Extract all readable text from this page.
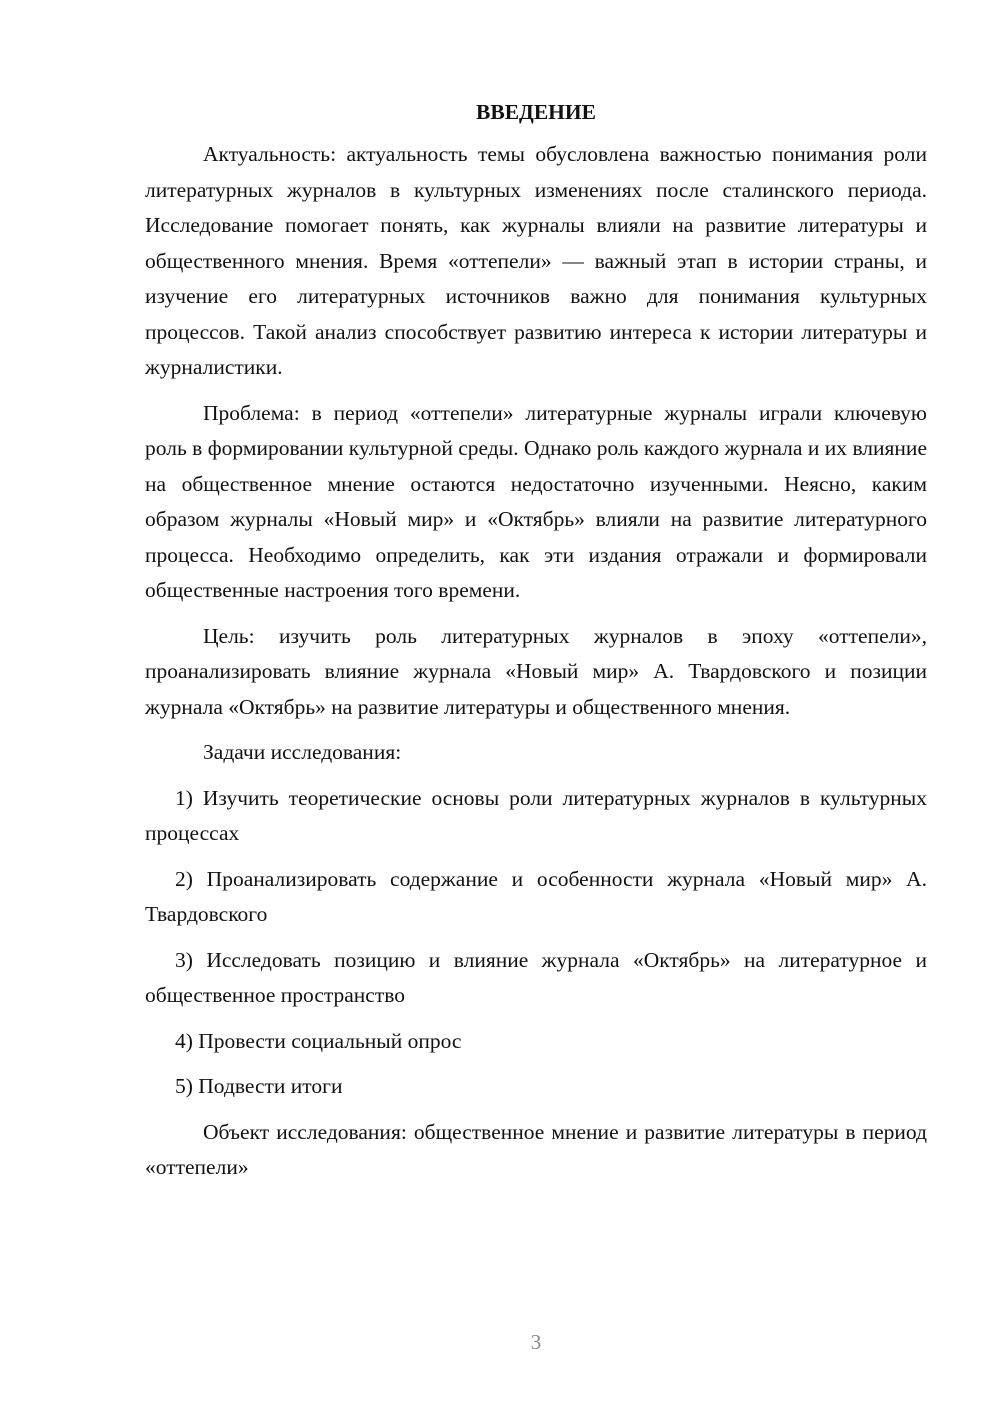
ВВЕДЕНИЕ

Актуальность: актуальность темы обусловлена важностью понимания роли литературных журналов в культурных изменениях после сталинского периода. Исследование помогает понять, как журналы влияли на развитие литературы и общественного мнения. Время «оттепели» — важный этап в истории страны, и изучение его литературных источников важно для понимания культурных процессов. Такой анализ способствует развитию интереса к истории литературы и журналистики.

Проблема: в период «оттепели» литературные журналы играли ключевую роль в формировании культурной среды. Однако роль каждого журнала и их влияние на общественное мнение остаются недостаточно изученными. Неясно, каким образом журналы «Новый мир» и «Октябрь» влияли на развитие литературного процесса. Необходимо определить, как эти издания отражали и формировали общественные настроения того времени.

Цель: изучить роль литературных журналов в эпоху «оттепели», проанализировать влияние журнала «Новый мир» А. Твардовского и позиции журнала «Октябрь» на развитие литературы и общественного мнения.

Задачи исследования:

1) Изучить теоретические основы роли литературных журналов в культурных процессах

2) Проанализировать содержание и особенности журнала «Новый мир» А. Твардовского

3) Исследовать позицию и влияние журнала «Октябрь» на литературное и общественное пространство

4) Провести социальный опрос

5) Подвести итоги

Объект исследования: общественное мнение и развитие литературы в период «оттепели»

3
